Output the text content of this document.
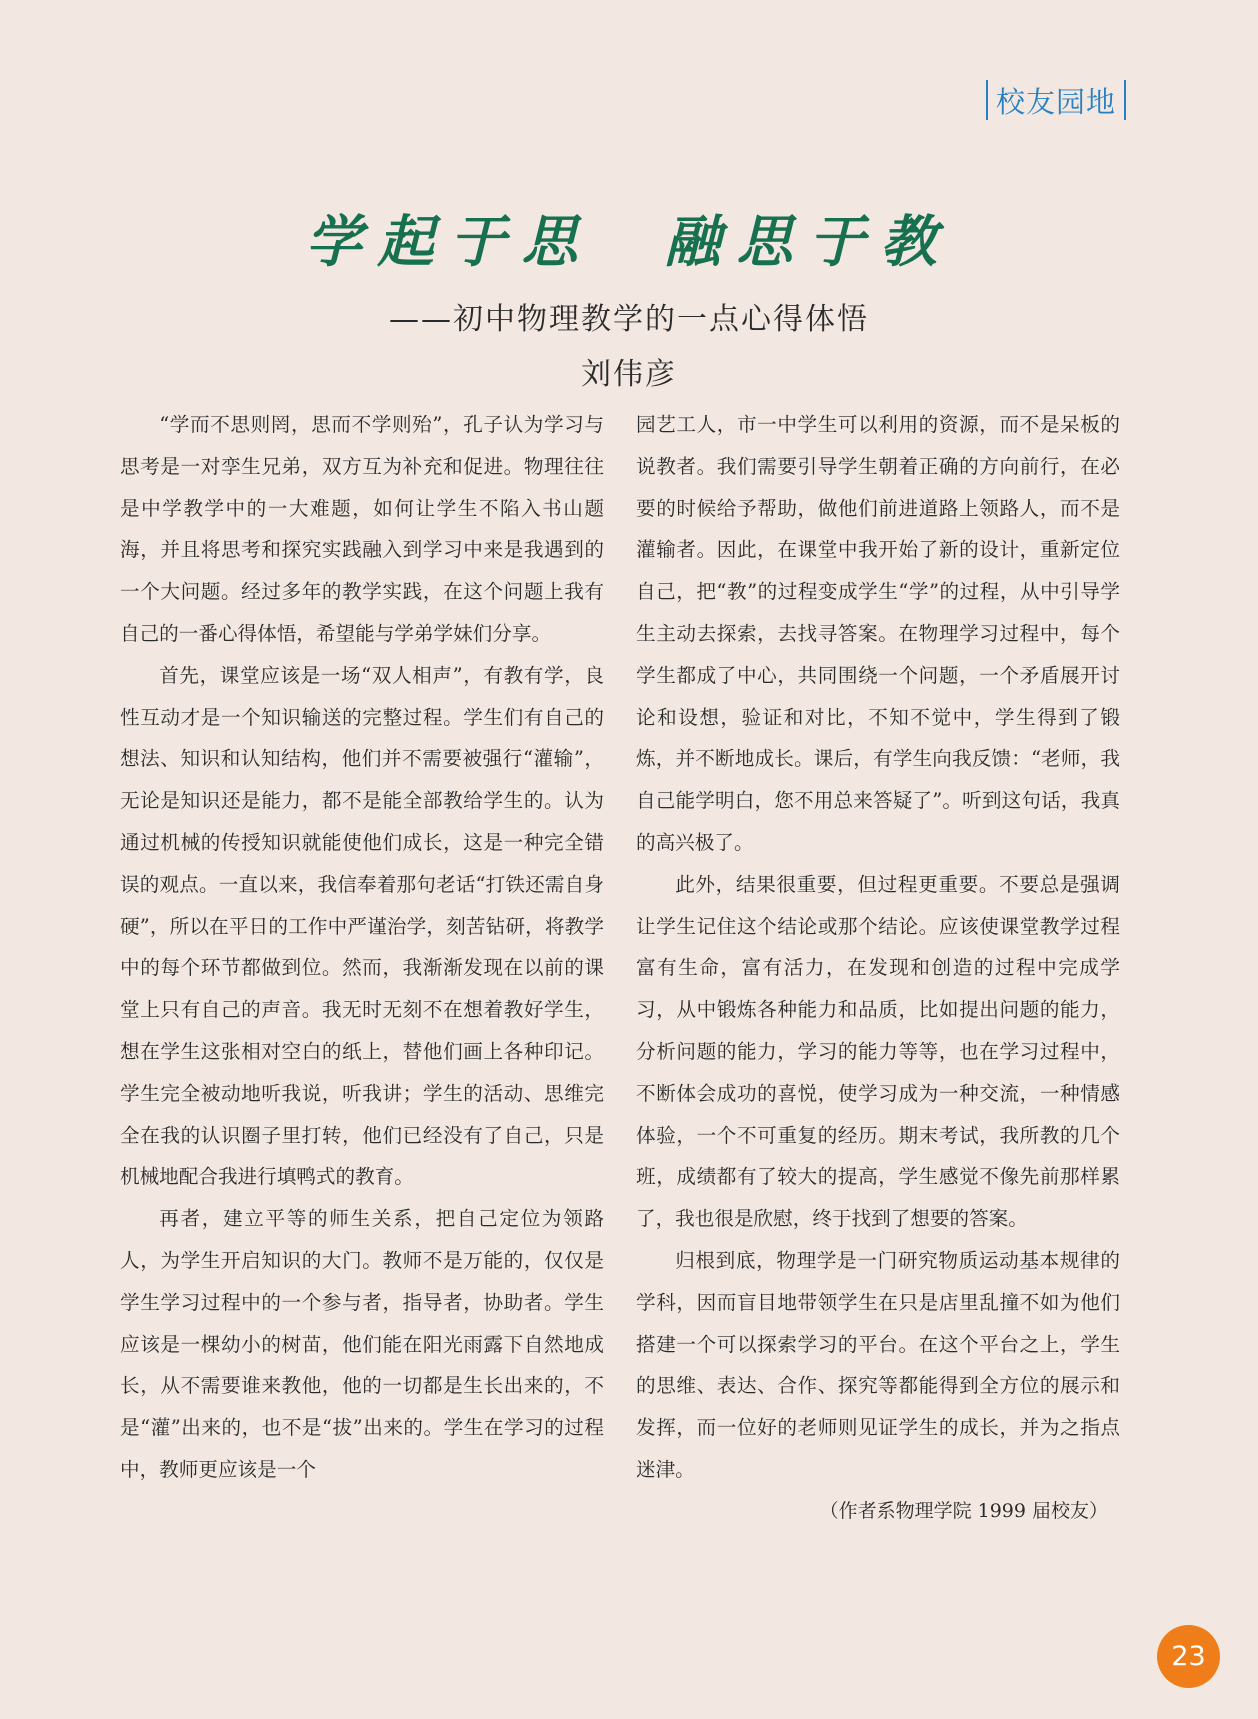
校友园地
学起于思  融思于教
——初中物理教学的一点心得体悟
刘伟彦

“学而不思则罔，思而不学则殆”，孔子认为学习与思考是一对孪生兄弟，双方互为补充和促进。物理往往是中学教学中的一大难题，如何让学生不陷入书山题海，并且将思考和探究实践融入到学习中来是我遇到的一个大问题。经过多年的教学实践，在这个问题上我有自己的一番心得体悟，希望能与学弟学妹们分享。

首先，课堂应该是一场“双人相声”，有教有学，良性互动才是一个知识输送的完整过程。学生们有自己的想法、知识和认知结构，他们并不需要被强行“灌输”，无论是知识还是能力，都不是能全部教给学生的。认为通过机械的传授知识就能使他们成长，这是一种完全错误的观点。一直以来，我信奉着那句老话“打铁还需自身硬”，所以在平日的工作中严谨治学，刻苦钻研，将教学中的每个环节都做到位。然而，我渐渐发现在以前的课堂上只有自己的声音。我无时无刻不在想着教好学生，想在学生这张相对空白的纸上，替他们画上各种印记。学生完全被动地听我说，听我讲；学生的活动、思维完全在我的认识圈子里打转，他们已经没有了自己，只是机械地配合我进行填鸭式的教育。

再者，建立平等的师生关系，把自己定位为领路人，为学生开启知识的大门。教师不是万能的，仅仅是学生学习过程中的一个参与者，指导者，协助者。学生应该是一棵幼小的树苗，他们能在阳光雨露下自然地成长，从不需要谁来教他，他的一切都是生长出来的，不是“灌”出来的，也不是“拔”出来的。学生在学习的过程中，教师更应该是一个

园艺工人，市一中学生可以利用的资源，而不是呆板的说教者。我们需要引导学生朝着正确的方向前行，在必要的时候给予帮助，做他们前进道路上领路人，而不是灌输者。因此，在课堂中我开始了新的设计，重新定位自己，把“教”的过程变成学生“学”的过程，从中引导学生主动去探索，去找寻答案。在物理学习过程中，每个学生都成了中心，共同围绕一个问题，一个矛盾展开讨论和设想，验证和对比，不知不觉中，学生得到了锻炼，并不断地成长。课后，有学生向我反馈：“老师，我自己能学明白，您不用总来答疑了”。听到这句话，我真的高兴极了。

此外，结果很重要，但过程更重要。不要总是强调让学生记住这个结论或那个结论。应该使课堂教学过程富有生命，富有活力，在发现和创造的过程中完成学习，从中锻炼各种能力和品质，比如提出问题的能力，分析问题的能力，学习的能力等等，也在学习过程中，不断体会成功的喜悦，使学习成为一种交流，一种情感体验，一个不可重复的经历。期末考试，我所教的几个班，成绩都有了较大的提高，学生感觉不像先前那样累了，我也很是欣慰，终于找到了想要的答案。

归根到底，物理学是一门研究物质运动基本规律的学科，因而盲目地带领学生在只是店里乱撞不如为他们搭建一个可以探索学习的平台。在这个平台之上，学生的思维、表达、合作、探究等都能得到全方位的展示和发挥，而一位好的老师则见证学生的成长，并为之指点迷津。

（作者系物理学院 1999 届校友）

23
